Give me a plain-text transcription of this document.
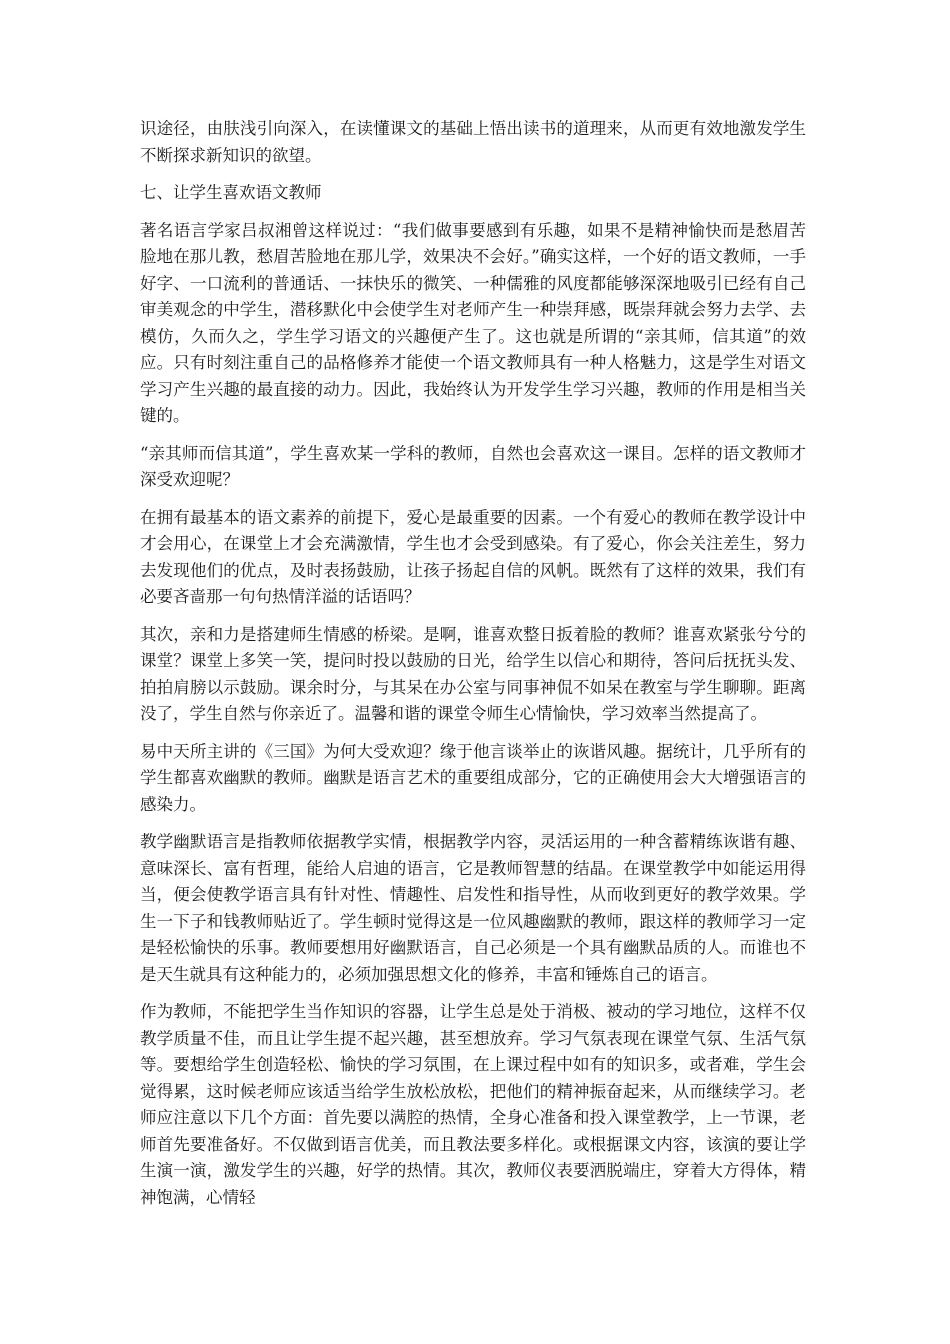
识途径，由肤浅引向深入，在读懂课文的基础上悟出读书的道理来，从而更有效地激发学生不断探求新知识的欲望。

七、让学生喜欢语文教师

著名语言学家吕叔湘曾这样说过：“我们做事要感到有乐趣，如果不是精神愉快而是愁眉苦脸地在那儿教，愁眉苦脸地在那儿学，效果决不会好。”确实这样，一个好的语文教师，一手好字、一口流利的普通话、一抹快乐的微笑、一种儒雅的风度都能够深深地吸引已经有自己审美观念的中学生，潜移默化中会使学生对老师产生一种崇拜感，既崇拜就会努力去学、去模仿，久而久之，学生学习语文的兴趣便产生了。这也就是所谓的“亲其师，信其道”的效应。只有时刻注重自己的品格修养才能使一个语文教师具有一种人格魅力，这是学生对语文学习产生兴趣的最直接的动力。因此，我始终认为开发学生学习兴趣，教师的作用是相当关键的。

“亲其师而信其道”，学生喜欢某一学科的教师，自然也会喜欢这一课目。怎样的语文教师才深受欢迎呢？

在拥有最基本的语文素养的前提下，爱心是最重要的因素。一个有爱心的教师在教学设计中才会用心，在课堂上才会充满激情，学生也才会受到感染。有了爱心，你会关注差生，努力去发现他们的优点，及时表扬鼓励，让孩子扬起自信的风帆。既然有了这样的效果，我们有必要吝啬那一句句热情洋溢的话语吗？

其次，亲和力是搭建师生情感的桥梁。是啊，谁喜欢整日扳着脸的教师？谁喜欢紧张兮兮的课堂？课堂上多笑一笑，提问时投以鼓励的日光，给学生以信心和期待，答问后抚抚头发、拍拍肩膀以示鼓励。课余时分，与其呆在办公室与同事神侃不如呆在教室与学生聊聊。距离没了，学生自然与你亲近了。温馨和谐的课堂令师生心情愉快，学习效率当然提高了。

易中天所主讲的《三国》为何大受欢迎？缘于他言谈举止的诙谐风趣。据统计，几乎所有的学生都喜欢幽默的教师。幽默是语言艺术的重要组成部分，它的正确使用会大大增强语言的感染力。

教学幽默语言是指教师依据教学实情，根据教学内容，灵活运用的一种含蓄精练诙谐有趣、意味深长、富有哲理，能给人启迪的语言，它是教师智慧的结晶。在课堂教学中如能运用得当，便会使教学语言具有针对性、情趣性、启发性和指导性，从而收到更好的教学效果。学生一下子和钱教师贴近了。学生顿时觉得这是一位风趣幽默的教师，跟这样的教师学习一定是轻松愉快的乐事。教师要想用好幽默语言，自己必须是一个具有幽默品质的人。而谁也不是天生就具有这种能力的，必须加强思想文化的修养，丰富和锤炼自己的语言。

作为教师，不能把学生当作知识的容器，让学生总是处于消极、被动的学习地位，这样不仅教学质量不佳，而且让学生提不起兴趣，甚至想放弃。学习气氛表现在课堂气氛、生活气氛等。要想给学生创造轻松、愉快的学习氛围，在上课过程中如有的知识多，或者难，学生会觉得累，这时候老师应该适当给学生放松放松，把他们的精神振奋起来，从而继续学习。老师应注意以下几个方面：首先要以满腔的热情，全身心准备和投入课堂教学，上一节课，老师首先要准备好。不仅做到语言优美，而且教法要多样化。或根据课文内容，该演的要让学生演一演，激发学生的兴趣，好学的热情。其次，教师仪表要洒脱端庄，穿着大方得体，精神饱满，心情轻
